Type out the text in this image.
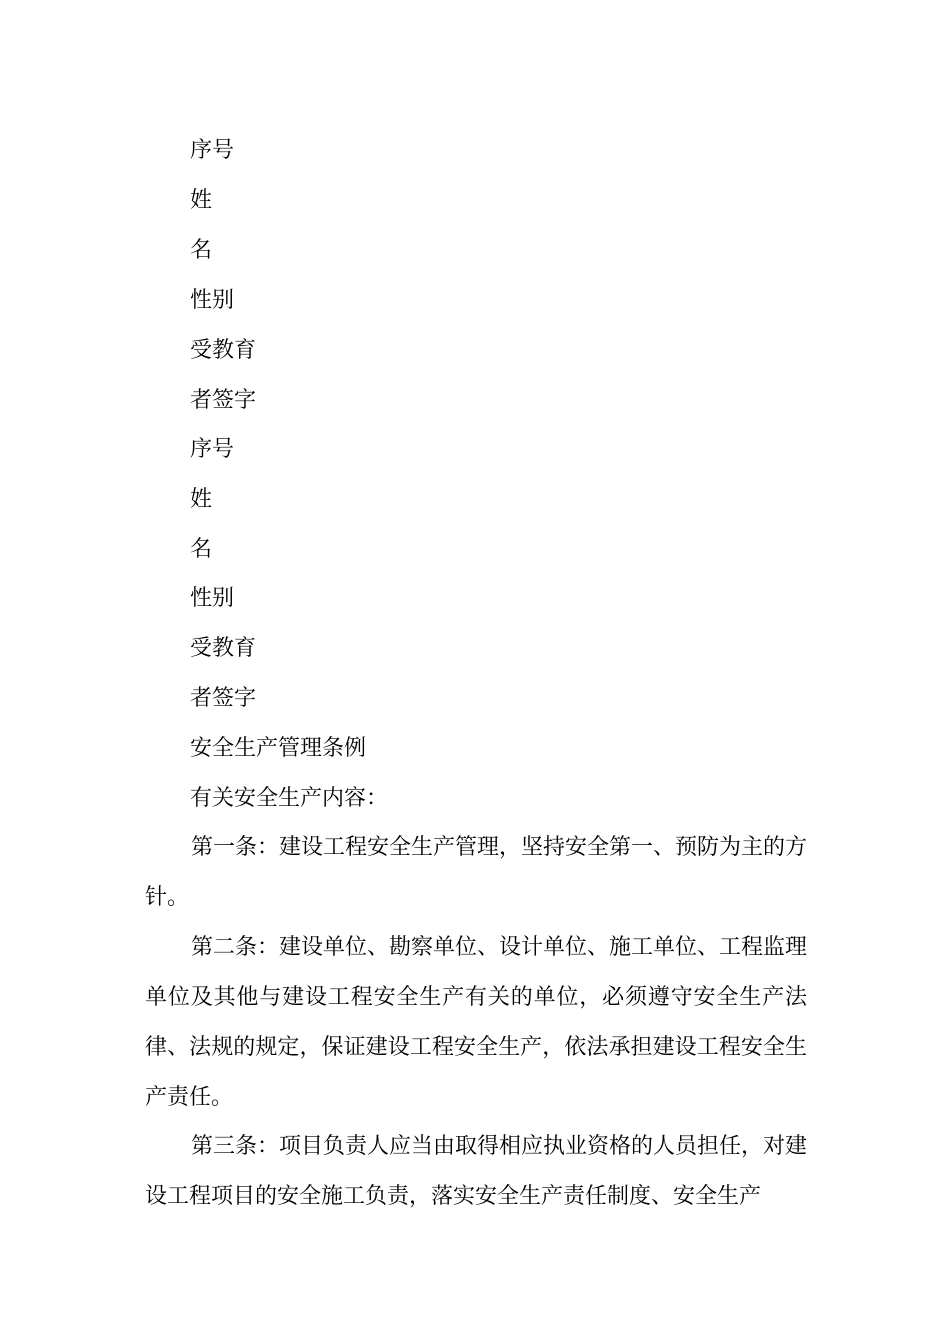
序号
姓
名
性别
受教育
者签字
序号
姓
名
性别
受教育
者签字
安全生产管理条例
有关安全生产内容：
第一条：建设工程安全生产管理，坚持安全第一、预防为主的方针。
第二条：建设单位、勘察单位、设计单位、施工单位、工程监理单位及其他与建设工程安全生产有关的单位，必须遵守安全生产法律、法规的规定，保证建设工程安全生产，依法承担建设工程安全生产责任。
第三条：项目负责人应当由取得相应执业资格的人员担任，对建设工程项目的安全施工负责，落实安全生产责任制度、安全生产
